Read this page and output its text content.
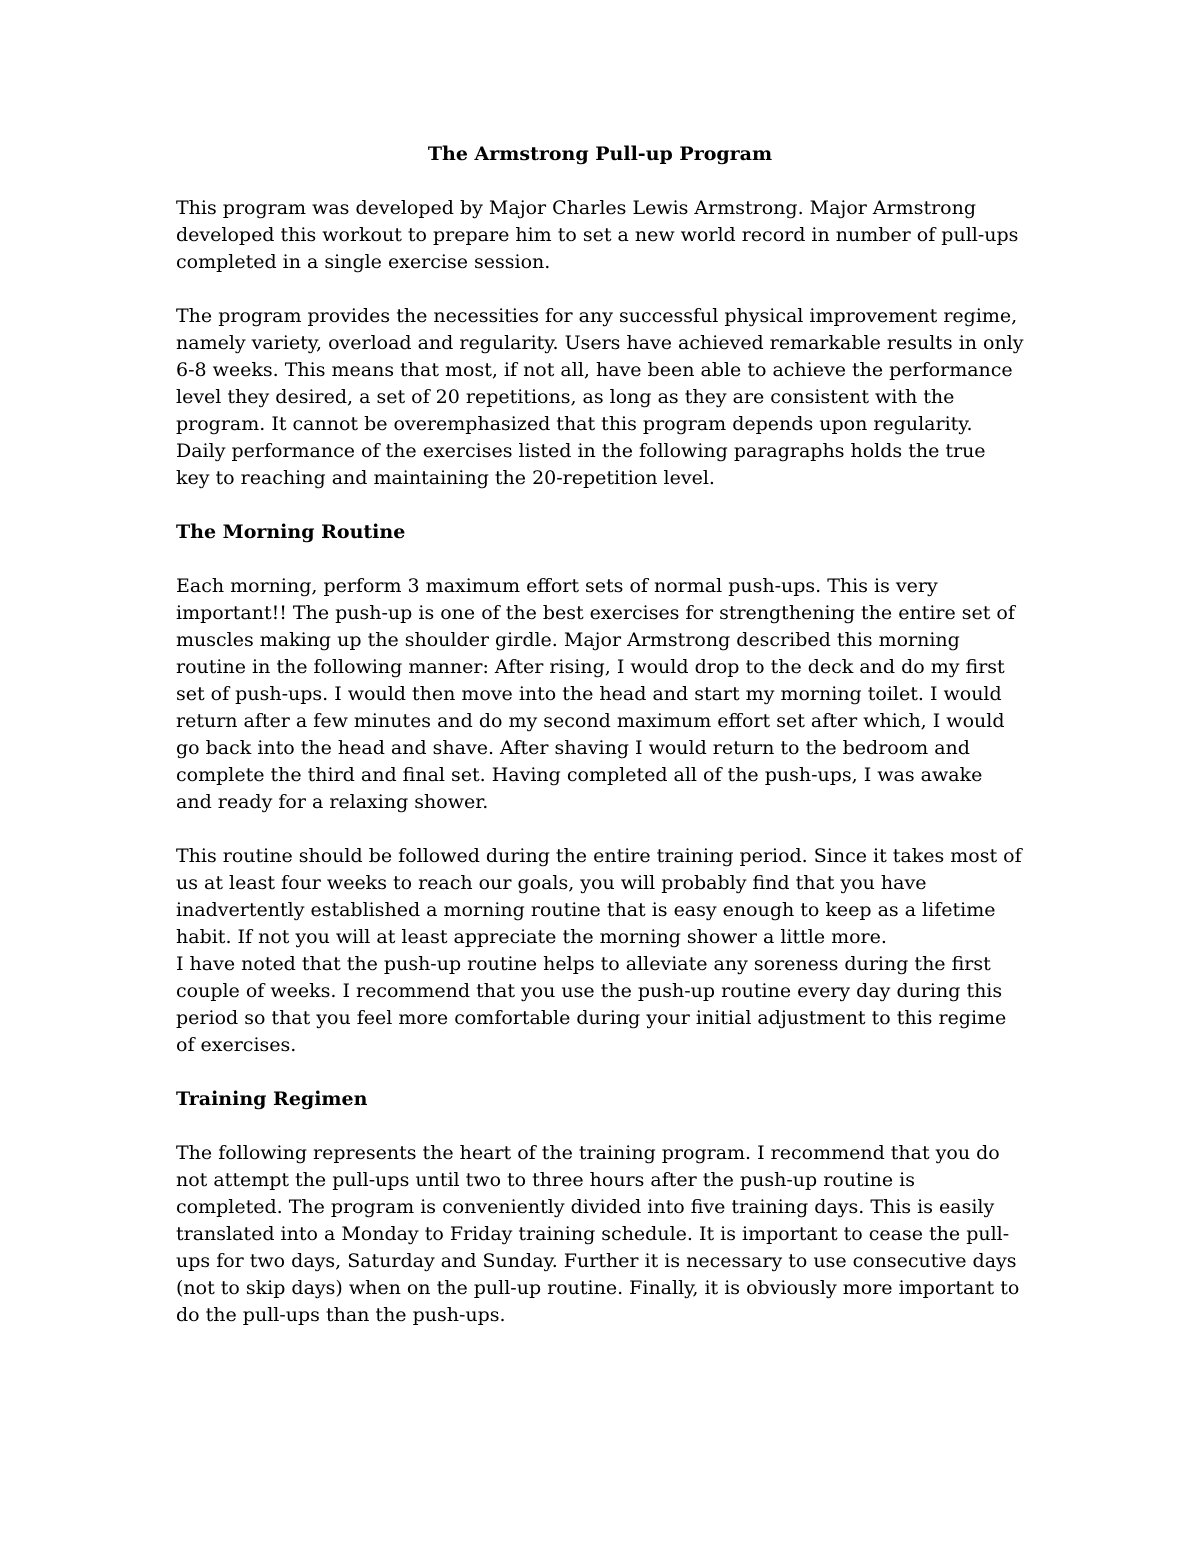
The Armstrong Pull-up Program

This program was developed by Major Charles Lewis Armstrong. Major Armstrong developed this workout to prepare him to set a new world record in number of pull-ups completed in a single exercise session.

The program provides the necessities for any successful physical improvement regime, namely variety, overload and regularity. Users have achieved remarkable results in only 6-8 weeks. This means that most, if not all, have been able to achieve the performance level they desired, a set of 20 repetitions, as long as they are consistent with the program. It cannot be overemphasized that this program depends upon regularity. Daily performance of the exercises listed in the following paragraphs holds the true key to reaching and maintaining the 20-repetition level.

The Morning Routine

Each morning, perform 3 maximum effort sets of normal push-ups. This is very important!! The push-up is one of the best exercises for strengthening the entire set of muscles making up the shoulder girdle. Major Armstrong described this morning routine in the following manner: After rising, I would drop to the deck and do my first set of push-ups. I would then move into the head and start my morning toilet. I would return after a few minutes and do my second maximum effort set after which, I would go back into the head and shave. After shaving I would return to the bedroom and complete the third and final set. Having completed all of the push-ups, I was awake and ready for a relaxing shower.

This routine should be followed during the entire training period. Since it takes most of us at least four weeks to reach our goals, you will probably find that you have inadvertently established a morning routine that is easy enough to keep as a lifetime habit. If not you will at least appreciate the morning shower a little more.

I have noted that the push-up routine helps to alleviate any soreness during the first couple of weeks. I recommend that you use the push-up routine every day during this period so that you feel more comfortable during your initial adjustment to this regime of exercises.

Training Regimen

The following represents the heart of the training program. I recommend that you do not attempt the pull-ups until two to three hours after the push-up routine is completed. The program is conveniently divided into five training days. This is easily translated into a Monday to Friday training schedule. It is important to cease the pull-ups for two days, Saturday and Sunday. Further it is necessary to use consecutive days (not to skip days) when on the pull-up routine. Finally, it is obviously more important to do the pull-ups than the push-ups.
